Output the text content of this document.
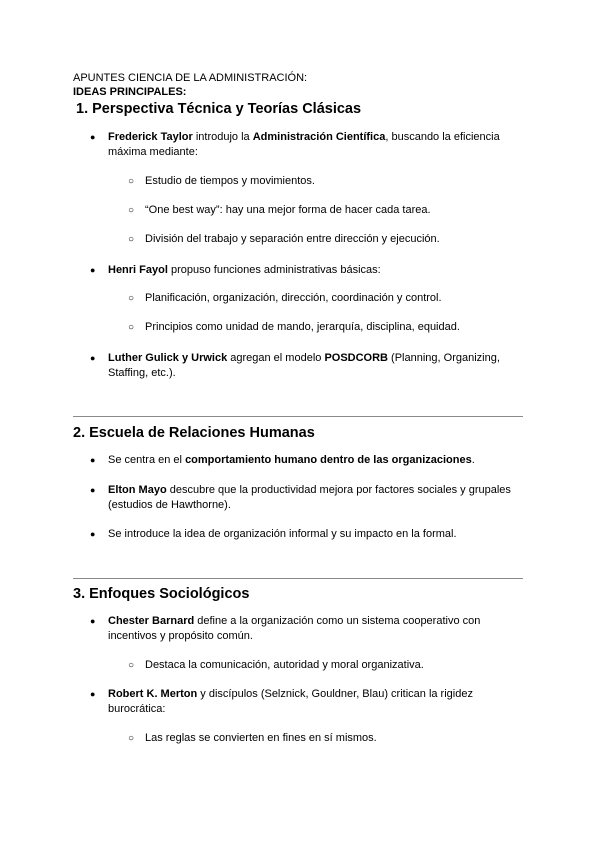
APUNTES CIENCIA DE LA ADMINISTRACIÓN:
IDEAS PRINCIPALES:
1. Perspectiva Técnica y Teorías Clásicas
● Frederick Taylor introdujo la Administración Científica, buscando la eficiencia
máxima mediante:
○ Estudio de tiempos y movimientos.
○ “One best way”: hay una mejor forma de hacer cada tarea.
○ División del trabajo y separación entre dirección y ejecución.
● Henri Fayol propuso funciones administrativas básicas:
○ Planificación, organización, dirección, coordinación y control.
○ Principios como unidad de mando, jerarquía, disciplina, equidad.
● Luther Gulick y Urwick agregan el modelo POSDCORB (Planning, Organizing,
Staffing, etc.).
2. Escuela de Relaciones Humanas
● Se centra en el comportamiento humano dentro de las organizaciones.
● Elton Mayo descubre que la productividad mejora por factores sociales y grupales
(estudios de Hawthorne).
● Se introduce la idea de organización informal y su impacto en la formal.
3. Enfoques Sociológicos
● Chester Barnard define a la organización como un sistema cooperativo con
incentivos y propósito común.
○ Destaca la comunicación, autoridad y moral organizativa.
● Robert K. Merton y discípulos (Selznick, Gouldner, Blau) critican la rigidez
burocrática:
○ Las reglas se convierten en fines en sí mismos.
